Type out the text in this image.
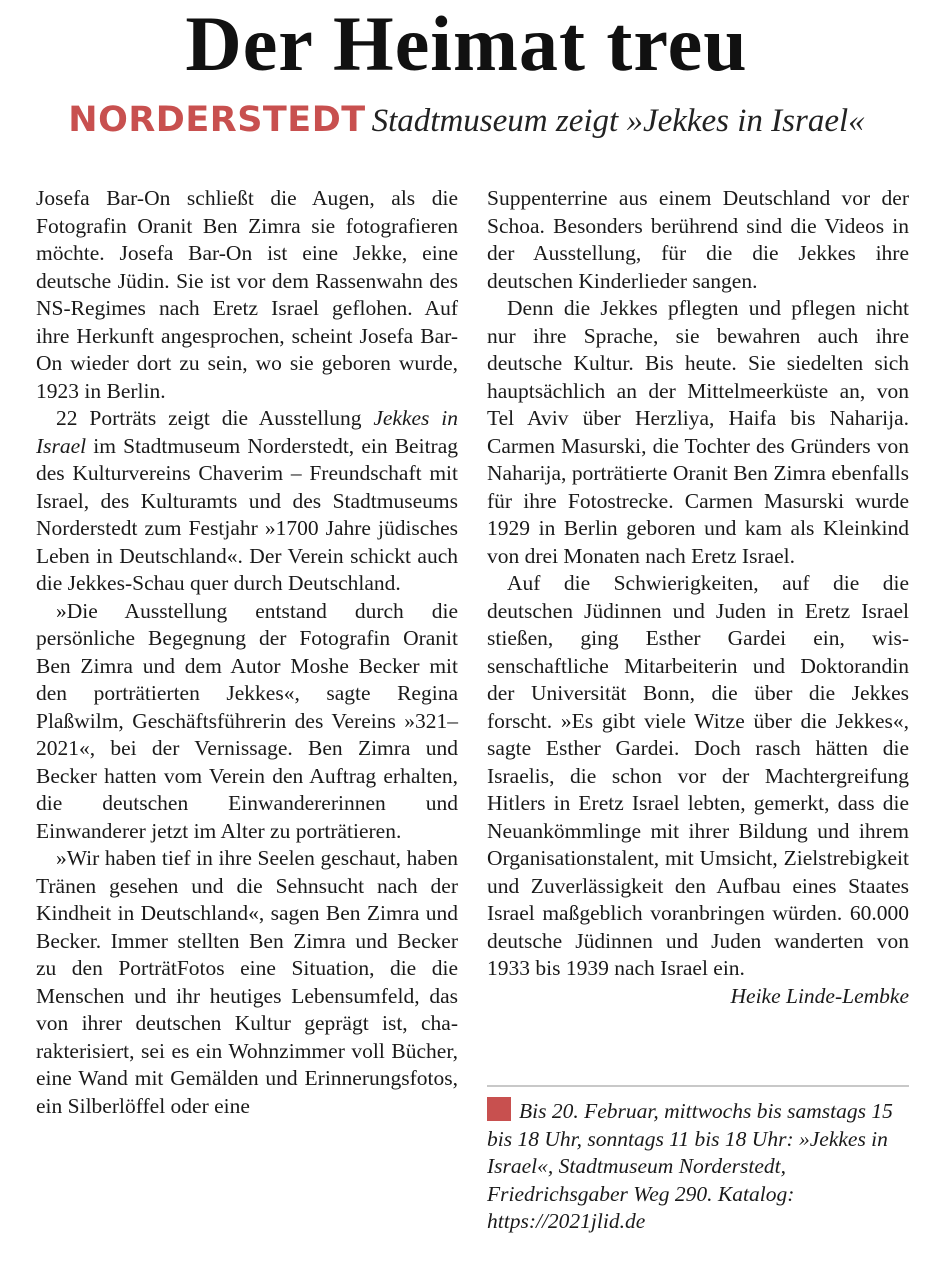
Der Heimat treu
NORDERSTEDT Stadtmuseum zeigt »Jekkes in Israel«

Josefa Bar-On schließt die Augen, als die Fotografin Oranit Ben Zimra sie fotografieren möchte. Josefa Bar-On ist eine Jekke, eine deutsche Jüdin. Sie ist vor dem Rassenwahn des NS-Regimes nach Eretz Israel geflohen. Auf ihre Herkunft angesprochen, scheint Josefa Bar-On wieder dort zu sein, wo sie geboren wurde, 1923 in Berlin.

22 Porträts zeigt die Ausstellung Jekkes in Israel im Stadtmuseum Norderstedt, ein Beitrag des Kulturvereins Chaverim – Freundschaft mit Israel, des Kulturamts und des Stadtmuseums Norderstedt zum Festjahr »1700 Jahre jüdisches Leben in Deutschland«. Der Verein schickt auch die Jekkes-Schau quer durch Deutschland.

»Die Ausstellung entstand durch die persönliche Begegnung der Fotografin Oranit Ben Zimra und dem Autor Moshe Becker mit den porträtierten Jekkes«, sagte Regina Plaßwilm, Geschäftsführerin des Vereins »321–2021«, bei der Vernissage. Ben Zimra und Becker hatten vom Verein den Auftrag erhalten, die deutschen Einwandererinnen und Einwanderer jetzt im Alter zu porträtieren.

»Wir haben tief in ihre Seelen geschaut, haben Tränen gesehen und die Sehnsucht nach der Kindheit in Deutschland«, sagen Ben Zimra und Becker. Immer stellten Ben Zimra und Becker zu den PorträtFotos eine Situation, die die Menschen und ihr heutiges Lebensumfeld, das von ihrer deutschen Kultur geprägt ist, charakterisiert, sei es ein Wohnzimmer voll Bücher, eine Wand mit Gemälden und Erinnerungsfotos, ein Silberlöffel oder eine

Suppenterrine aus einem Deutschland vor der Schoa. Besonders berührend sind die Videos in der Ausstellung, für die die Jekkes ihre deutschen Kinderlieder sangen.

Denn die Jekkes pflegten und pflegen nicht nur ihre Sprache, sie bewahren auch ihre deutsche Kultur. Bis heute. Sie siedelten sich hauptsächlich an der Mittelmeerküste an, von Tel Aviv über Herzliya, Haifa bis Naharija. Carmen Masurski, die Tochter des Gründers von Naharija, porträtierte Oranit Ben Zimra ebenfalls für ihre Fotostrecke. Carmen Masurski wurde 1929 in Berlin geboren und kam als Kleinkind von drei Monaten nach Eretz Israel.

Auf die Schwierigkeiten, auf die die deutschen Jüdinnen und Juden in Eretz Israel stießen, ging Esther Gardei ein, wissenschaftliche Mitarbeiterin und Doktorandin der Universität Bonn, die über die Jekkes forscht. »Es gibt viele Witze über die Jekkes«, sagte Esther Gardei. Doch rasch hätten die Israelis, die schon vor der Machtergreifung Hitlers in Eretz Israel lebten, gemerkt, dass die Neuankömmlinge mit ihrer Bildung und ihrem Organisationstalent, mit Umsicht, Zielstrebigkeit und Zuverlässigkeit den Aufbau eines Staates Israel maßgeblich voranbringen würden. 60.000 deutsche Jüdinnen und Juden wanderten von 1933 bis 1939 nach Israel ein.
Heike Linde-Lembke

Bis 20. Februar, mittwochs bis samstags 15 bis 18 Uhr, sonntags 11 bis 18 Uhr: »Jekkes in Israel«, Stadtmuseum Norderstedt, Friedrichsgaber Weg 290. Katalog: https://2021jlid.de
